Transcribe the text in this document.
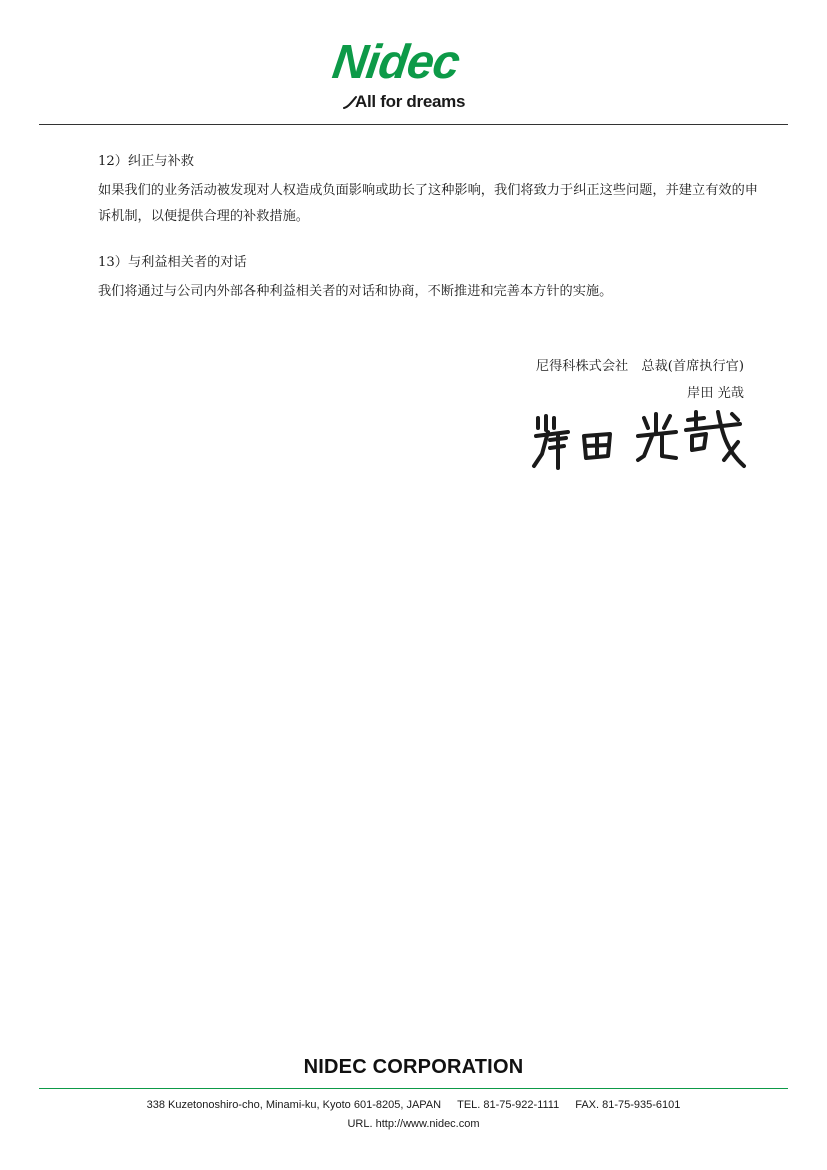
Nidec
All for dreams
12）纠正与补救
如果我们的业务活动被发现对人权造成负面影响或助长了这种影响，我们将致力于纠正这些问题，并建立有效的申诉机制，以便提供合理的补救措施。
13）与利益相关者的对话
我们将通过与公司内外部各种利益相关者的对话和协商，不断推进和完善本方针的实施。
尼得科株式会社　总裁(首席执行官)
岸田 光哉
NIDEC CORPORATION
338 Kuzetonoshiro-cho, Minami-ku, Kyoto 601-8205, JAPAN TEL. 81-75-922-1111 FAX. 81-75-935-6101
URL. http://www.nidec.com
